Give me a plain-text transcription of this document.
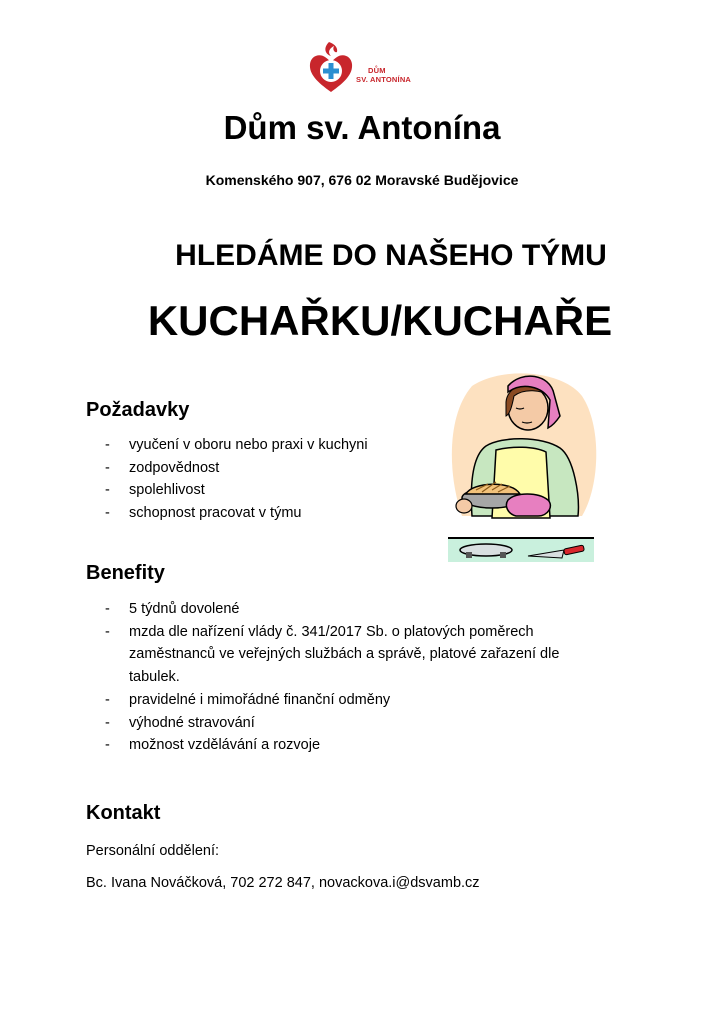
DŮM
SV. ANTONÍNA
Dům sv. Antonína
Komenského 907, 676 02 Moravské Budějovice
HLEDÁME DO NAŠEHO TÝMU
KUCHAŘKU/KUCHAŘE
Požadavky
- vyučení v oboru nebo praxi v kuchyni
- zodpovědnost
- spolehlivost
- schopnost pracovat v týmu
Benefity
- 5 týdnů dovolené
- mzda dle nařízení vlády č. 341/2017 Sb. o platových poměrech zaměstnanců ve veřejných službách a správě, platové zařazení dle tabulek.
- pravidelné i mimořádné finanční odměny
- výhodné stravování
- možnost vzdělávání a rozvoje
Kontakt
Personální oddělení:
Bc. Ivana Nováčková, 702 272 847, novackova.i@dsvamb.cz
